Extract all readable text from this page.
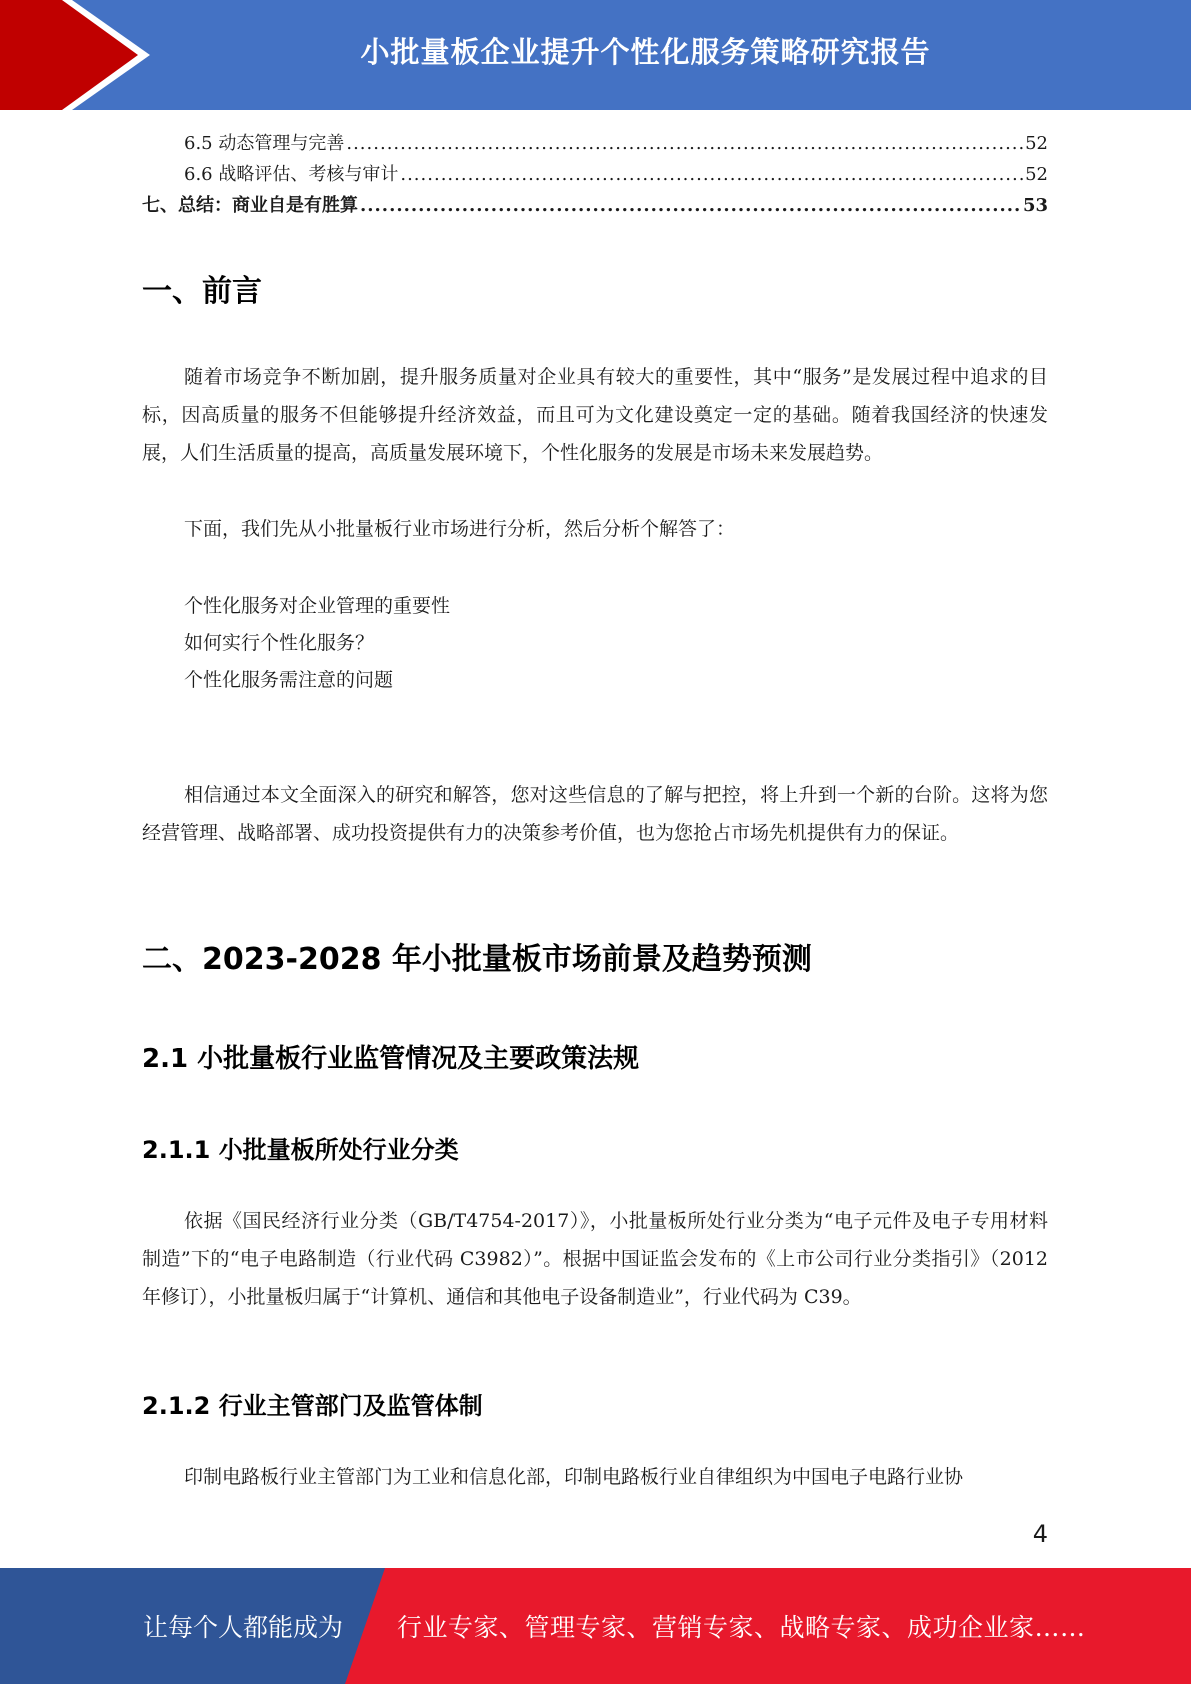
小批量板企业提升个性化服务策略研究报告
6.5 动态管理与完善 .....	52
6.6 战略评估、考核与审计 .....	52
七、总结：商业自是有胜算 .....	53
一、前言

随着市场竞争不断加剧，提升服务质量对企业具有较大的重要性，其中“服务”是发展过程中追求的目标，因高质量的服务不但能够提升经济效益，而且可为文化建设奠定一定的基础。随着我国经济的快速发展，人们生活质量的提高，高质量发展环境下，个性化服务的发展是市场未来发展趋势。

下面，我们先从小批量板行业市场进行分析，然后分析个解答了：

个性化服务对企业管理的重要性
如何实行个性化服务？
个性化服务需注意的问题

相信通过本文全面深入的研究和解答，您对这些信息的了解与把控，将上升到一个新的台阶。这将为您经营管理、战略部署、成功投资提供有力的决策参考价值，也为您抢占市场先机提供有力的保证。

二、2023-2028 年小批量板市场前景及趋势预测
2.1 小批量板行业监管情况及主要政策法规
2.1.1 小批量板所处行业分类

依据《国民经济行业分类（GB/T4754-2017）》，小批量板所处行业分类为“电子元件及电子专用材料制造”下的“电子电路制造（行业代码 C3982）”。根据中国证监会发布的《上市公司行业分类指引》（2012 年修订），小批量板归属于“计算机、通信和其他电子设备制造业”，行业代码为 C39。

2.1.2 行业主管部门及监管体制

印制电路板行业主管部门为工业和信息化部，印制电路板行业自律组织为中国电子电路行业协

4
让每个人都能成为 行业专家、管理专家、营销专家、战略专家、成功企业家……
